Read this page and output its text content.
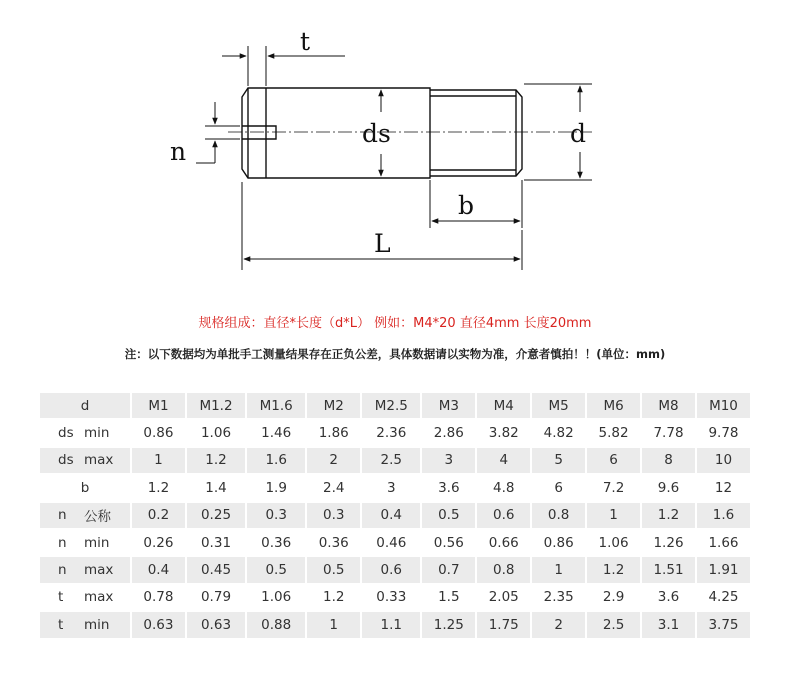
t
n
ds	d
b
L
规格组成：直径*长度（d*L） 例如：M4*20 直径4mm 长度20mm
注：以下数据均为单批手工测量结果存在正负公差，具体数据请以实物为准，介意者慎拍！！(单位：mm)
d	M1	M1.2	M1.6	M2	M2.5	M3	M4	M5	M6	M8	M10

ds min	0.86	1.06	1.46	1.86	2.36	2.86	3.82	4.82	5.82	7.78	9.78

ds max	1	1.2	1.6	2	2.5	3	4	5	6	8	10

b	1.2	1.4	1.9	2.4	3	3.6	4.8	6	7.2	9.6	12

n 公称	0.2	0.25	0.3	0.3	0.4	0.5	0.6	0.8	1	1.2	1.6

n min	0.26	0.31	0.36	0.36	0.46	0.56	0.66	0.86	1.06	1.26	1.66

n max	0.4	0.45	0.5	0.5	0.6	0.7	0.8	1	1.2	1.51	1.91

t max	0.78	0.79	1.06	1.2	0.33	1.5	2.05	2.35	2.9	3.6	4.25

t min	0.63	0.63	0.88	1	1.1	1.25	1.75	2	2.5	3.1	3.75
